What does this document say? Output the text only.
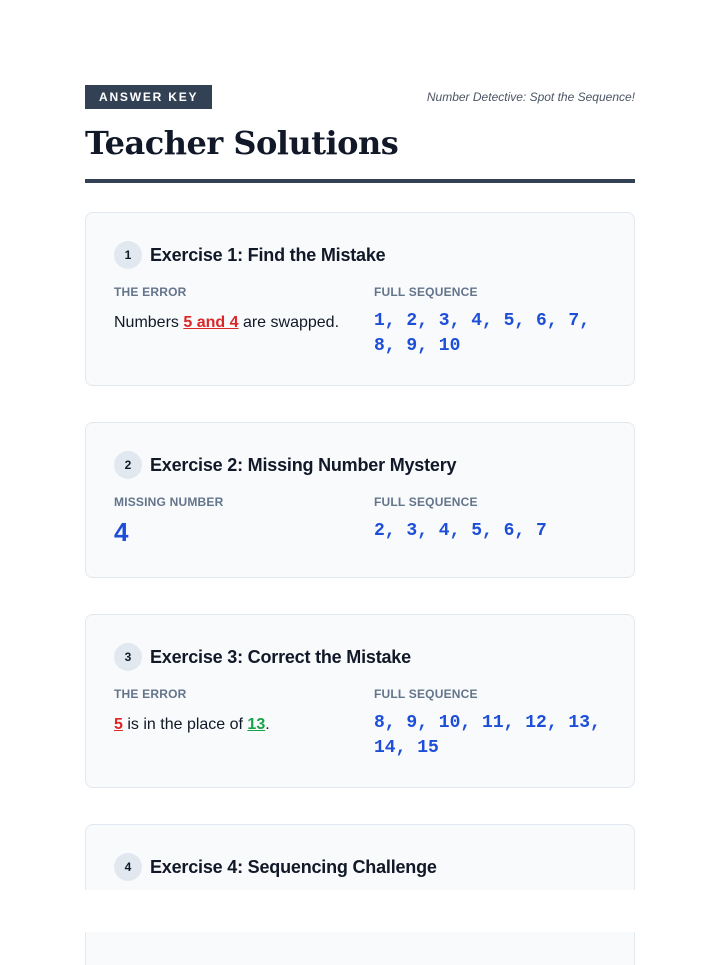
ANSWER KEY	Number Detective: Spot the Sequence!
Teacher Solutions
1	Exercise 1: Find the Mistake
THE ERROR
Numbers 5 and 4 are swapped.
FULL SEQUENCE
1, 2, 3, 4, 5, 6, 7, 8, 9, 10
2	Exercise 2: Missing Number Mystery
MISSING NUMBER
4
FULL SEQUENCE
2, 3, 4, 5, 6, 7
3	Exercise 3: Correct the Mistake
THE ERROR
5 is in the place of 13.
FULL SEQUENCE
8, 9, 10, 11, 12, 13, 14, 15
4	Exercise 4: Sequencing Challenge
